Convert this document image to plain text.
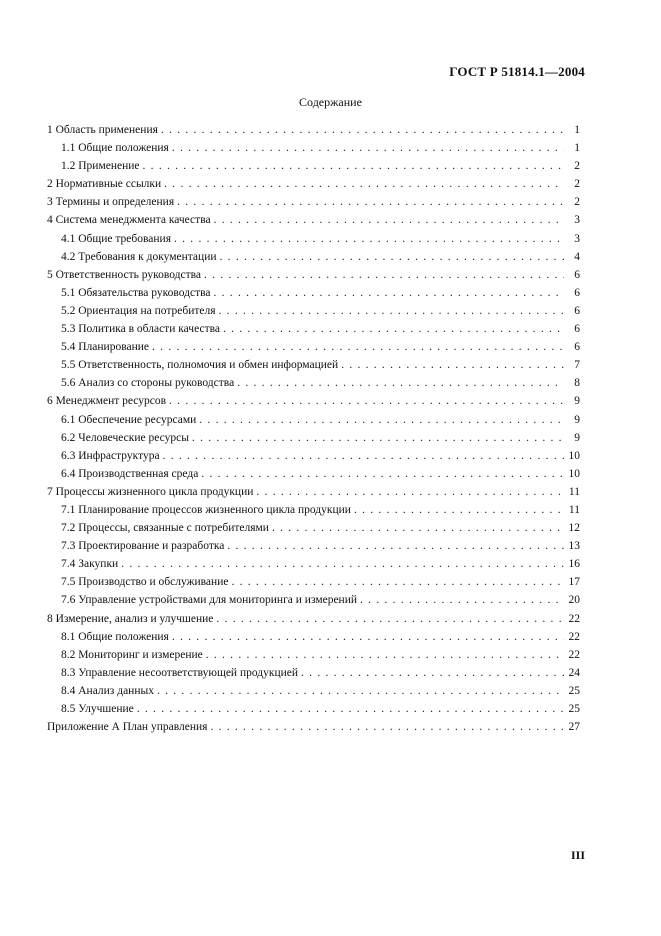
ГОСТ Р 51814.1—2004
Содержание
1 Область применения . . .	1
1.1 Общие положения . . .	1
1.2 Применение . . .	2
2 Нормативные ссылки . . .	2
3 Термины и определения . . .	2
4 Система менеджмента качества . . .	3
4.1 Общие требования . . .	3
4.2 Требования к документации . . .	4
5 Ответственность руководства . . .	6
5.1 Обязательства руководства . . .	6
5.2 Ориентация на потребителя . . .	6
5.3 Политика в области качества . . .	6
5.4 Планирование . . .	6
5.5 Ответственность, полномочия и обмен информацией . . .	7
5.6 Анализ со стороны руководства . . .	8
6 Менеджмент ресурсов . . .	9
6.1 Обеспечение ресурсами . . .	9
6.2 Человеческие ресурсы . . .	9
6.3 Инфраструктура . . .	10
6.4 Производственная среда . . .	10
7 Процессы жизненного цикла продукции . . .	11
7.1 Планирование процессов жизненного цикла продукции . . .	11
7.2 Процессы, связанные с потребителями . . .	12
7.3 Проектирование и разработка . . .	13
7.4 Закупки . . .	16
7.5 Производство и обслуживание . . .	17
7.6 Управление устройствами для мониторинга и измерений . . .	20
8 Измерение, анализ и улучшение . . .	22
8.1 Общие положения . . .	22
8.2 Мониторинг и измерение . . .	22
8.3 Управление несоответствующей продукцией . . .	24
8.4 Анализ данных . . .	25
8.5 Улучшение . . .	25
Приложение А План управления . . .	27
III
